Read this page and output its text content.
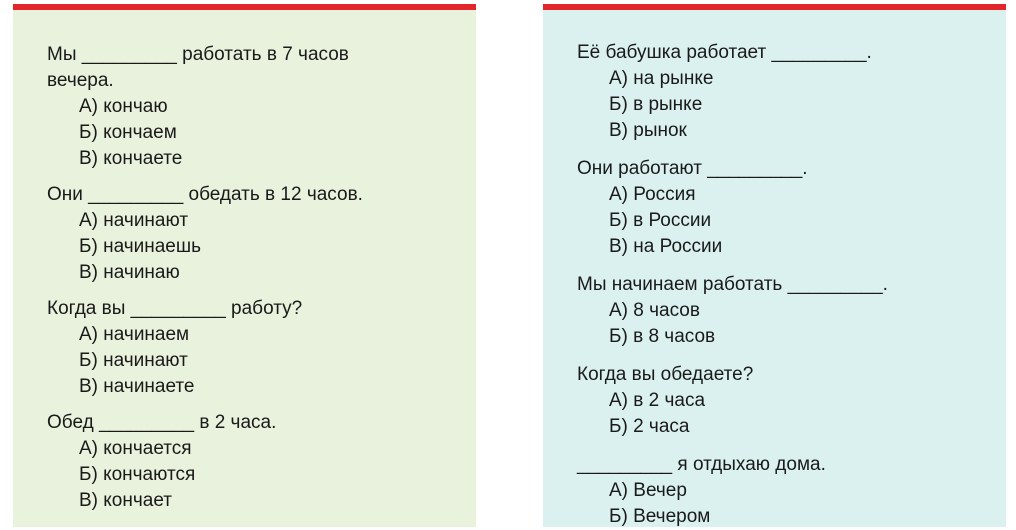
Мы _________ работать в 7 часов вечера.

А) кончаю
Б) кончаем
В) кончаете

Они _________ обедать в 12 часов.

А) начинают
Б) начинаешь
В) начинаю

Когда вы _________ работу?

А) начинаем
Б) начинают
В) начинаете

Обед _________ в 2 часа.

А) кончается
Б) кончаются
В) кончает

Её бабушка работает _________.

А) на рынке
Б) в рынке
В) рынок

Они работают _________.

А) Россия
Б) в России
В) на России

Мы начинаем работать _________.

А) 8 часов
Б) в 8 часов

Когда вы обедаете?

А) в 2 часа
Б) 2 часа

_________ я отдыхаю дома.

А) Вечер
Б) Вечером
